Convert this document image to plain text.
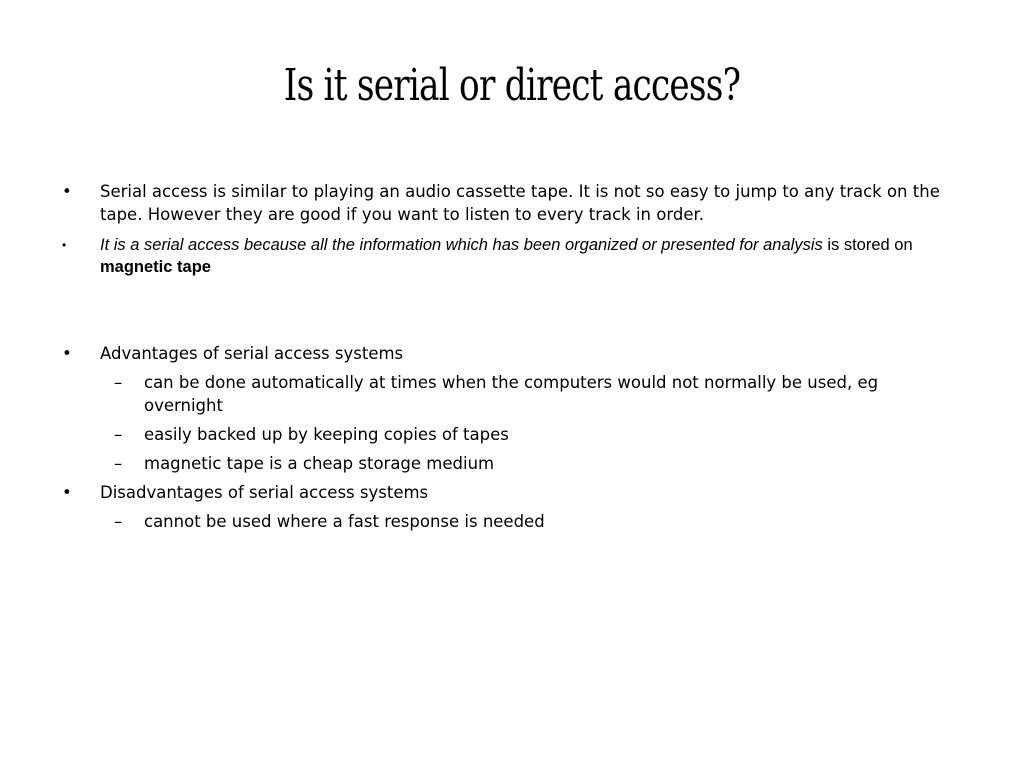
Is it serial or direct access?
• Serial access is similar to playing an audio cassette tape. It is not so easy to jump to any track on the tape. However they are good if you want to listen to every track in order.
• It is a serial access because all the information which has been organized or presented for analysis is stored on magnetic tape
• Advantages of serial access systems
– can be done automatically at times when the computers would not normally be used, eg overnight
– easily backed up by keeping copies of tapes
– magnetic tape is a cheap storage medium
• Disadvantages of serial access systems
– cannot be used where a fast response is needed
